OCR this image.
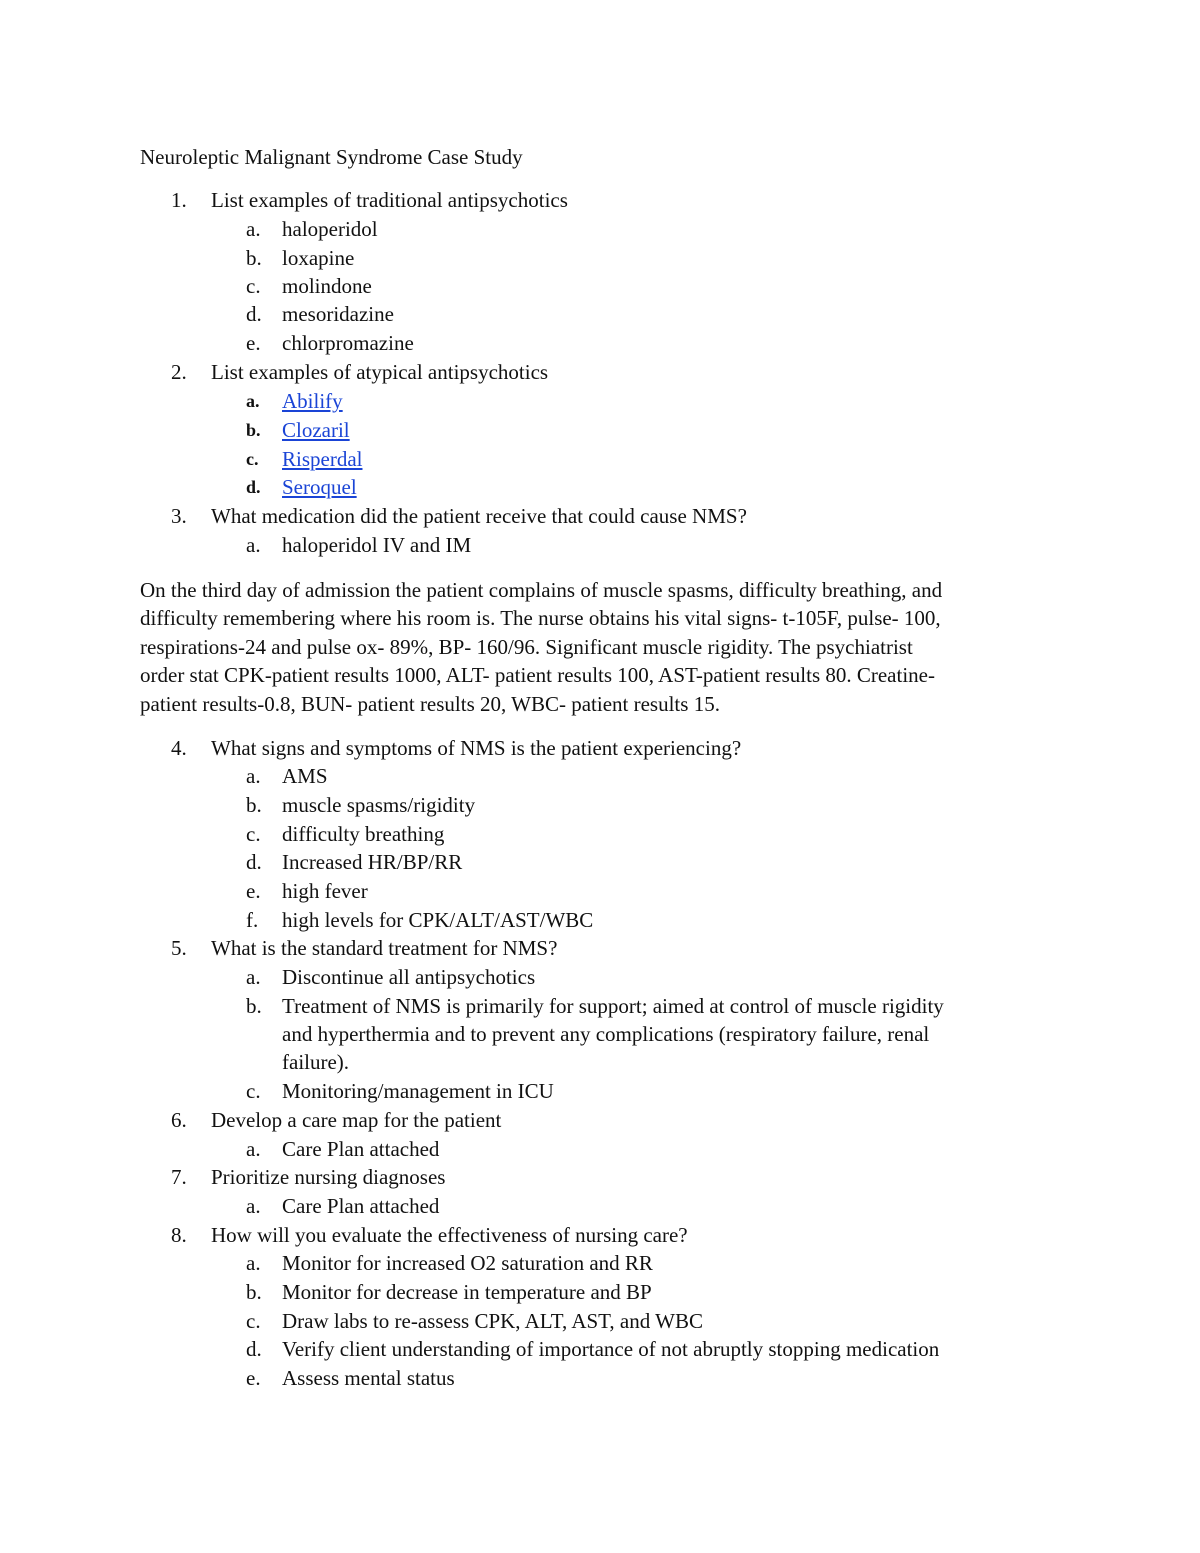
Neuroleptic Malignant Syndrome Case Study
1.	List examples of traditional antipsychotics
a.	haloperidol
b. loxapine
c.	molindone
d. mesoridazine
e.	chlorpromazine
2.	List examples of atypical antipsychotics
a.	Abilify
b.	Clozaril
c.	Risperdal
d.	Seroquel
3.	What medication did the patient receive that could cause NMS?
a.	haloperidol IV and IM
On the third day of admission the patient complains of muscle spasms, difficulty breathing, and
difficulty remembering where his room is. The nurse obtains his vital signs- t-105F, pulse- 100,
respirations-24 and pulse ox- 89%, BP- 160/96. Significant muscle rigidity. The psychiatrist
order stat CPK-patient results 1000, ALT- patient results 100, AST-patient results 80. Creatine-
patient results-0.8, BUN- patient results 20, WBC- patient results 15.
4.	What signs and symptoms of NMS is the patient experiencing?
a.	AMS
b. muscle spasms/rigidity
c.	difficulty breathing
d. Increased HR/BP/RR
e.	high fever
f.	high levels for CPK/ALT/AST/WBC
5.	What is the standard treatment for NMS?
a.	Discontinue all antipsychotics
b. Treatment of NMS is primarily for support; aimed at control of muscle rigidity
and hyperthermia and to prevent any complications (respiratory failure, renal
failure).
c.	Monitoring/management in ICU
6.	Develop a care map for the patient
a.	Care Plan attached
7.	Prioritize nursing diagnoses
a.	Care Plan attached
8.	How will you evaluate the effectiveness of nursing care?
a.	Monitor for increased O2 saturation and RR
b. Monitor for decrease in temperature and BP
c.	Draw labs to re-assess CPK, ALT, AST, and WBC
d. Verify client understanding of importance of not abruptly stopping medication
e.	Assess mental status
